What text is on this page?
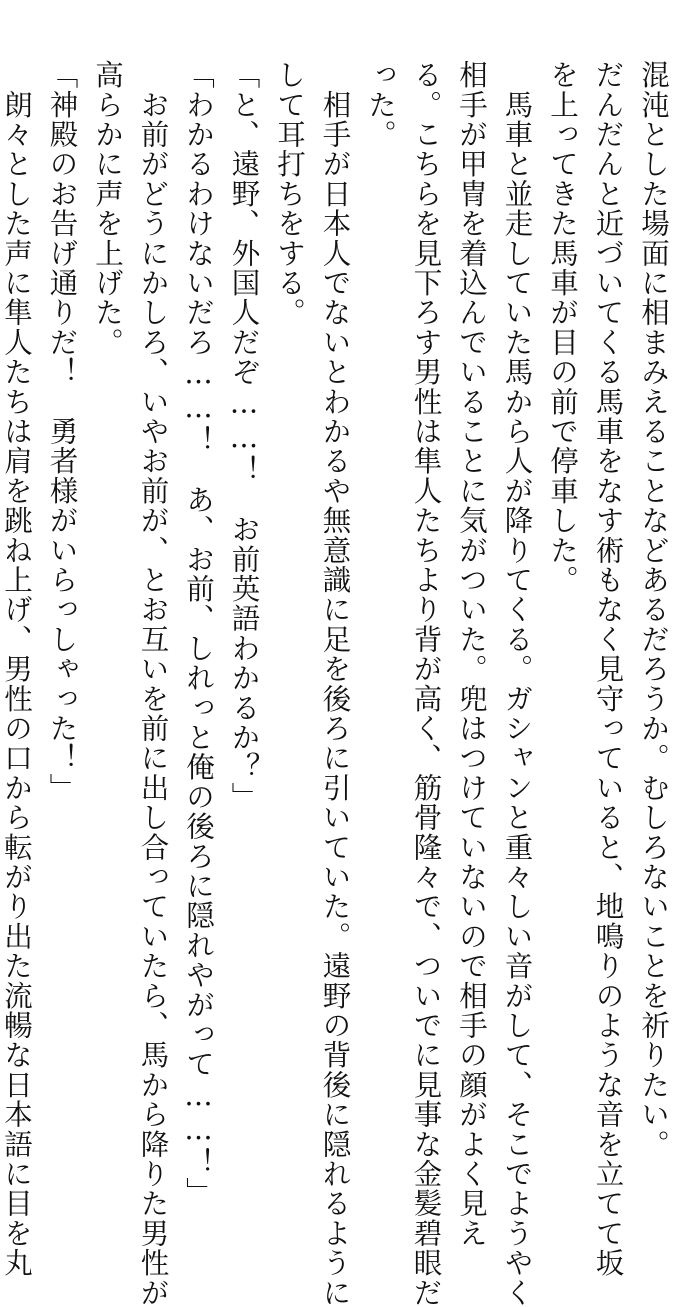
混沌とした場面に相まみえることなどあるだろうか。むしろないことを祈りたい。
だんだんと近づいてくる馬車をなす術もなく見守っていると、地鳴りのような音を立てて坂
を上ってきた馬車が目の前で停車した。
　馬車と並走していた馬から人が降りてくる。ガシャンと重々しい音がして、そこでようやく
相手が甲冑を着込んでいることに気がついた。兜はつけていないので相手の顔がよく見え
る。こちらを見下ろす男性は隼人たちより背が高く、筋骨隆々で、ついでに見事な金髪碧眼だ
った。
　相手が日本人でないとわかるや無意識に足を後ろに引いていた。遠野の背後に隠れるように
して耳打ちをする。
「と、遠野、外国人だぞ……！　お前英語わかるか？」
「わかるわけないだろ……！　あ、お前、しれっと俺の後ろに隠れやがって……！」
　お前がどうにかしろ、いやお前が、とお互いを前に出し合っていたら、馬から降りた男性が
高らかに声を上げた。
「神殿のお告げ通りだ！　勇者様がいらっしゃった！」
　朗々とした声に隼人たちは肩を跳ね上げ、男性の口から転がり出た流暢な日本語に目を丸
